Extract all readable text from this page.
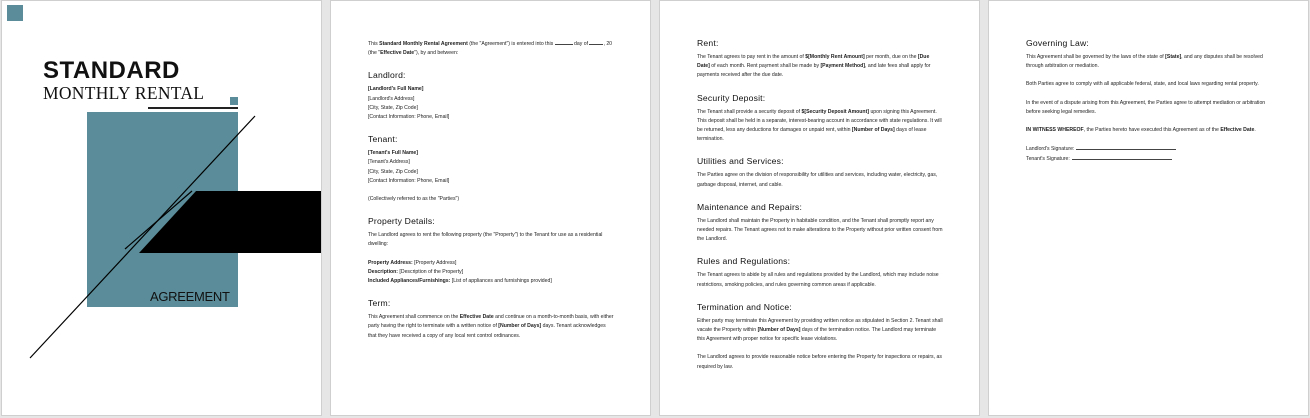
STANDARD
MONTHLY RENTAL
AGREEMENT

This Standard Monthly Rental Agreement (the "Agreement") is entered into this	day of	, 20 (the "Effective Date"), by and between:

Landlord:

[Landlord's Full Name]
[Landlord's Address]
[City, State, Zip Code]
[Contact Information: Phone, Email]

Tenant:

[Tenant's Full Name]
[Tenant's Address]
[City, State, Zip Code]
[Contact Information: Phone, Email]

(Collectively referred to as the "Parties")

Property Details:

The Landlord agrees to rent the following property (the "Property") to the Tenant for use as a residential dwelling:

Property Address: [Property Address]
Description: [Description of the Property]
Included Appliances/Furnishings: [List of appliances and furnishings provided]

Term:

This Agreement shall commence on the Effective Date and continue on a month-to-month basis, with either party having the right to terminate with a written notice of [Number of Days] days. Tenant acknowledges that they have received a copy of any local rent control ordinances.

Rent:

The Tenant agrees to pay rent in the amount of $[Monthly Rent Amount] per month, due on the [Due Date] of each month. Rent payment shall be made by [Payment Method], and late fees shall apply for payments received after the due date.

Security Deposit:

The Tenant shall provide a security deposit of $[Security Deposit Amount] upon signing this Agreement. This deposit shall be held in a separate, interest-bearing account in accordance with state regulations. It will be returned, less any deductions for damages or unpaid rent, within [Number of Days] days of lease termination.

Utilities and Services:

The Parties agree on the division of responsibility for utilities and services, including water, electricity, gas, garbage disposal, internet, and cable.

Maintenance and Repairs:

The Landlord shall maintain the Property in habitable condition, and the Tenant shall promptly report any needed repairs. The Tenant agrees not to make alterations to the Property without prior written consent from the Landlord.

Rules and Regulations:

The Tenant agrees to abide by all rules and regulations provided by the Landlord, which may include noise restrictions, smoking policies, and rules governing common areas if applicable.

Termination and Notice:

Either party may terminate this Agreement by providing written notice as stipulated in Section 2. Tenant shall vacate the Property within [Number of Days] days of the termination notice. The Landlord may terminate this Agreement with proper notice for specific lease violations.

The Landlord agrees to provide reasonable notice before entering the Property for inspections or repairs, as required by law.

Governing Law:

This Agreement shall be governed by the laws of the state of [State], and any disputes shall be resolved through arbitration or mediation.

Both Parties agree to comply with all applicable federal, state, and local laws regarding rental property.

In the event of a dispute arising from this Agreement, the Parties agree to attempt mediation or arbitration before seeking legal remedies.

IN WITNESS WHEREOF, the Parties hereto have executed this Agreement as of the Effective Date.

Landlord's Signature:
Tenant's Signature:
